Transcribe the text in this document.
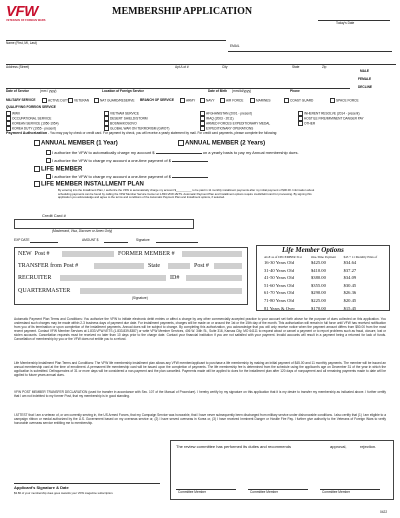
VFW
VETERANS OF FOREIGN WARS
MEMBERSHIP APPLICATION
Today's Date
Name (First, MI, Last)
EMAIL
Address (Street)	Apt./Lot #	City	State	Zip
MALE
FEMALE
DECLINE
Date of Service	(mm / yyyy)	Location of Foreign Service	Date of Birth (mm/dd/yyyy)	Phone
MILITARY SERVICE	ACTIVE DUTY	VETERAN	NAT GUARD/RESERVE BRANCH OF SERVICE	ARMY	NAVY	AIR FORCE	MARINES	COAST GUARD	SPACE FORCE
QUALIFYING FOREIGN SERVICE
WWII
OCCUPATIONAL SERVICE
KOREAN SERVICE (1950-1954)
KOREA DUTY (1955 - present)
VIETNAM SERVICE
DESERT SHIELD/STORM
BOSNIA/KOSOVO
GLOBAL WAR ON TERRORISM (GWOT)
AFGHANISTAN (2001 - present)
IRAQ (2003 - 2011)
ARMED FORCES EXPEDITIONARY MEDAL
EXPEDITIONARY OPERATIONS
INHERENT RESOLVE (2014 - present)
HOSTILE FIRE/IMMINENT DANGER PAY
OTHER
Payment Authorization - You may pay by check or credit card. For payment by check, you will receive a yearly statement by mail. For credit card payments, please complete the following:
ANNUAL MEMBER (1 Year)	ANNUAL MEMBER (2 Years)
I authorize the VFW to automatically charge my account $	on a yearly basis to pay my Annual membership dues.
I authorize the VFW to charge my account a one-time payment of $
LIFE MEMBER
I authorize the VFW to charge my account a one-time payment of $
LIFE MEMBER INSTALLMENT PLAN
By entering into the Installment Plan, I authorize the VFW to automatically charge my account $__________ to be paid in 11 monthly installment payments after my initial payment of $00.00. Information about scheduling payments can be found by calling the VFW Member Service Center at 1-833-VFW-VETS. Automatic Payment Plan and Installment options require credit/debit card for processing. By signing this application you acknowledge and agree to the terms and conditions of the Automatic Payment Plan and Installment options, if selected.
Credit Card #
(Mastercard, Visa, Discover or Amex Only)
EXP DATE	AMOUNT $	Signature
NEW Post #	FORMER MEMBER #
TRANSFER from Post #	State	Post #
RECRUITER	ID#
QUARTERMASTER
(Signature)
Life Member Options
AGE as of DECEMBER 31st	One-Time Payment	$45 + 11 Monthly Pmts of
16-30 Years Old	$425.00	$34.64
31-40 Years Old	$410.00	$37.27
41-50 Years Old	$380.00	$34.09
51-60 Years Old	$355.00	$30.45
61-70 Years Old	$290.00	$26.36
71-80 Years Old	$225.00	$20.45
81 Years & Over	$170.00	$15.45
Automatic Payment Plan Terms and Conditions: You authorize the VFW to initiate electronic debit entries or affect a charge by any other commercially accepted practice to your account set forth above for the purpose of dues collected on this application. You understand such charges may be made within 2-3 business days of payment due date. For installment payments, charges will be made on or around the 1st or the 15th day of the month. This authorization will remain in full force until VFW has received notification from you of its termination or upon completion of the installment payments. Annual dues will be subject to change. By completing this authorization, you acknowledge that you will only receive notice when the payment amount differs from $50.00 from the most recent payment. Contact VFW Member Services at 1.833.VFW.VETS (1.833.839.8387) or write VFW Member Services, 406 W. 34th St., Suite 316, Kansas City, MO 64111 to request about or cancel a payment or to report problems such as fraud, closure, lost or stolen accounts. Cancellation requests must be received no later than 10 days prior to the charge date. Contact your financial institution if you are not satisfied with your payment. Invalid accounts will result in a payment being a returned for lack of funds. Cancellation of membership by you or the VFW does not entitle you to a refund.
Life Membership Installment Plan Terms and Conditions: The VFW life membership installment plan allows any VFW member/applicant to purchase a life membership by making an initial payment of $45.00 and 11 monthly payments. The member will be issued an annual membership card at the time of enrollment. A permanent life membership card will be issued upon the completion of payments. The life membership fee is determined from the schedule using the applicant's age on December 31 of the year in which the application is submitted. Delinquencies of 31 or more days will be considered a non-payment and the plan cancelled. Payments made will be applied to dues for the installment plan after 120 days of nonpayment and all remaining payments made to date will be applied to future years annual dues.
VFW POST MEMBER TRANSFER DECLARATION (used for transfer in accordance with Sec. 107 of the Manual of Procedure). I hereby certify by my signature on this application that it is my desire to transfer my membership as indicated above. I further certify that I am not indebted to my former Post, that my membership is in good standing.
I ATTEST that I am a veteran of, or am currently serving in, the US Armed Forces, that my Campaign Service was honorable, that I have never subsequently been discharged from military service under dishonorable conditions. I also certify that (1) I am eligible to a campaign ribbon or medal authorized by the U.S. Government based on my overseas service or, (2) I have served overseas in Korea or, (3) I have received Imminent Danger or Hostile Fire Pay. I further give authority to the Veterans of Foreign Wars to verify honorable overseas service entitling me to membership.
Applicant's Signature & Date
$3.80 of your membership dues goes towards your VFW magazine subscription.
The review committee has performed its duties and recommends	approval,	rejection.
Committee Member	Committee Member	Committee Member
0422
